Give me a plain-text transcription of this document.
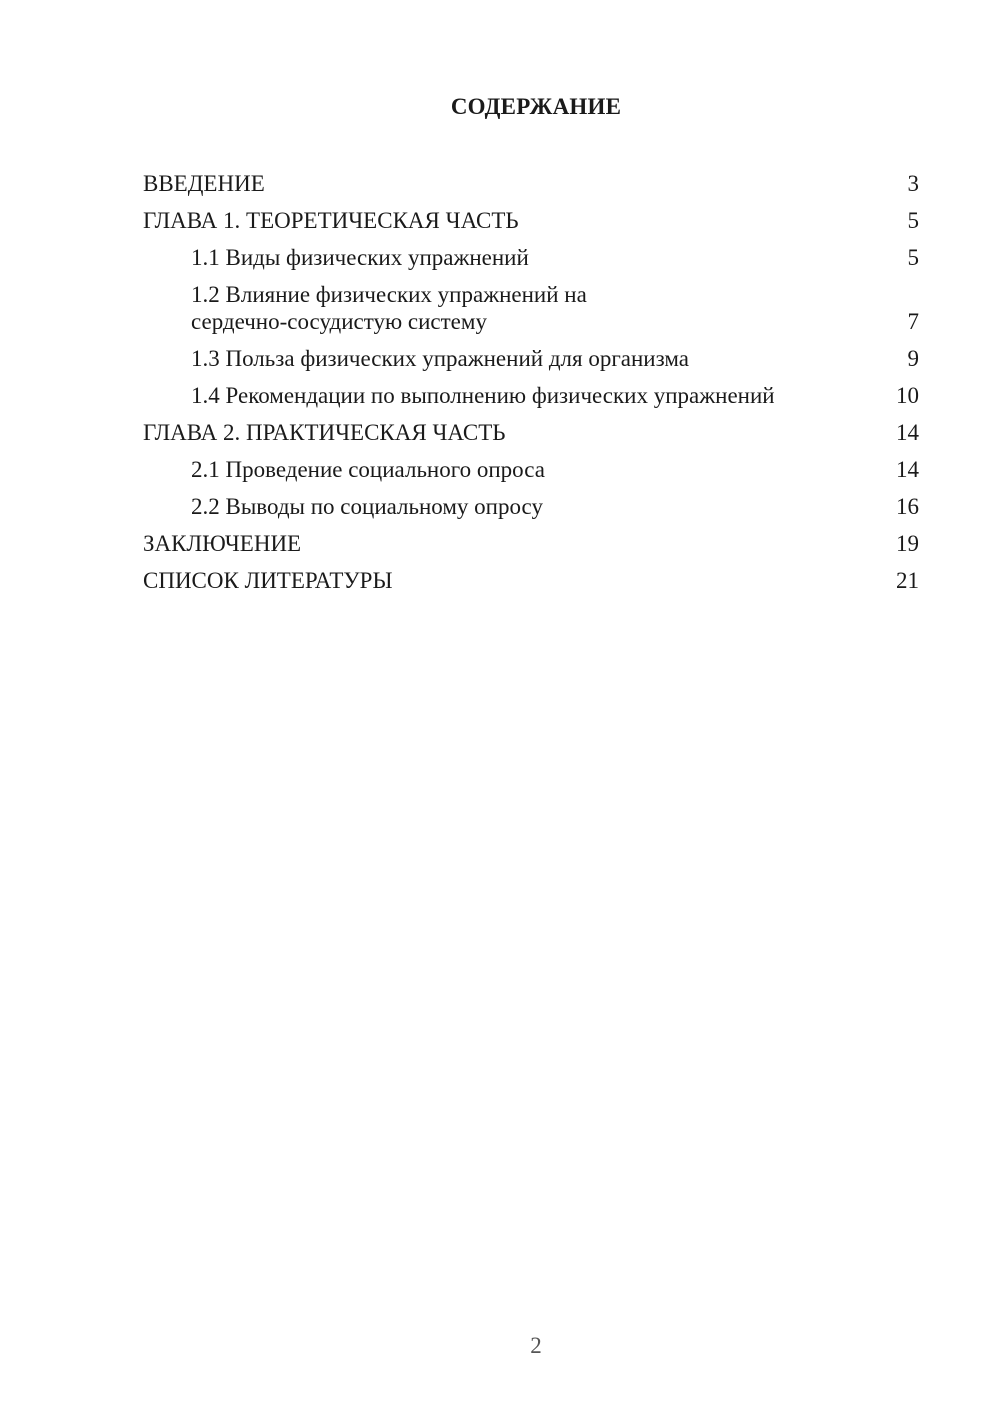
СОДЕРЖАНИЕ
ВВЕДЕНИЕ	3
ГЛАВА 1. ТЕОРЕТИЧЕСКАЯ ЧАСТЬ	5
1.1 Виды физических упражнений	5
1.2 Влияние физических упражнений на сердечно-сосудистую систему	7
1.3 Польза физических упражнений для организма	9
1.4 Рекомендации по выполнению физических упражнений	10
ГЛАВА 2. ПРАКТИЧЕСКАЯ ЧАСТЬ	14
2.1 Проведение социального опроса	14
2.2 Выводы по социальному опросу	16
ЗАКЛЮЧЕНИЕ	19
СПИСОК ЛИТЕРАТУРЫ	21
2
